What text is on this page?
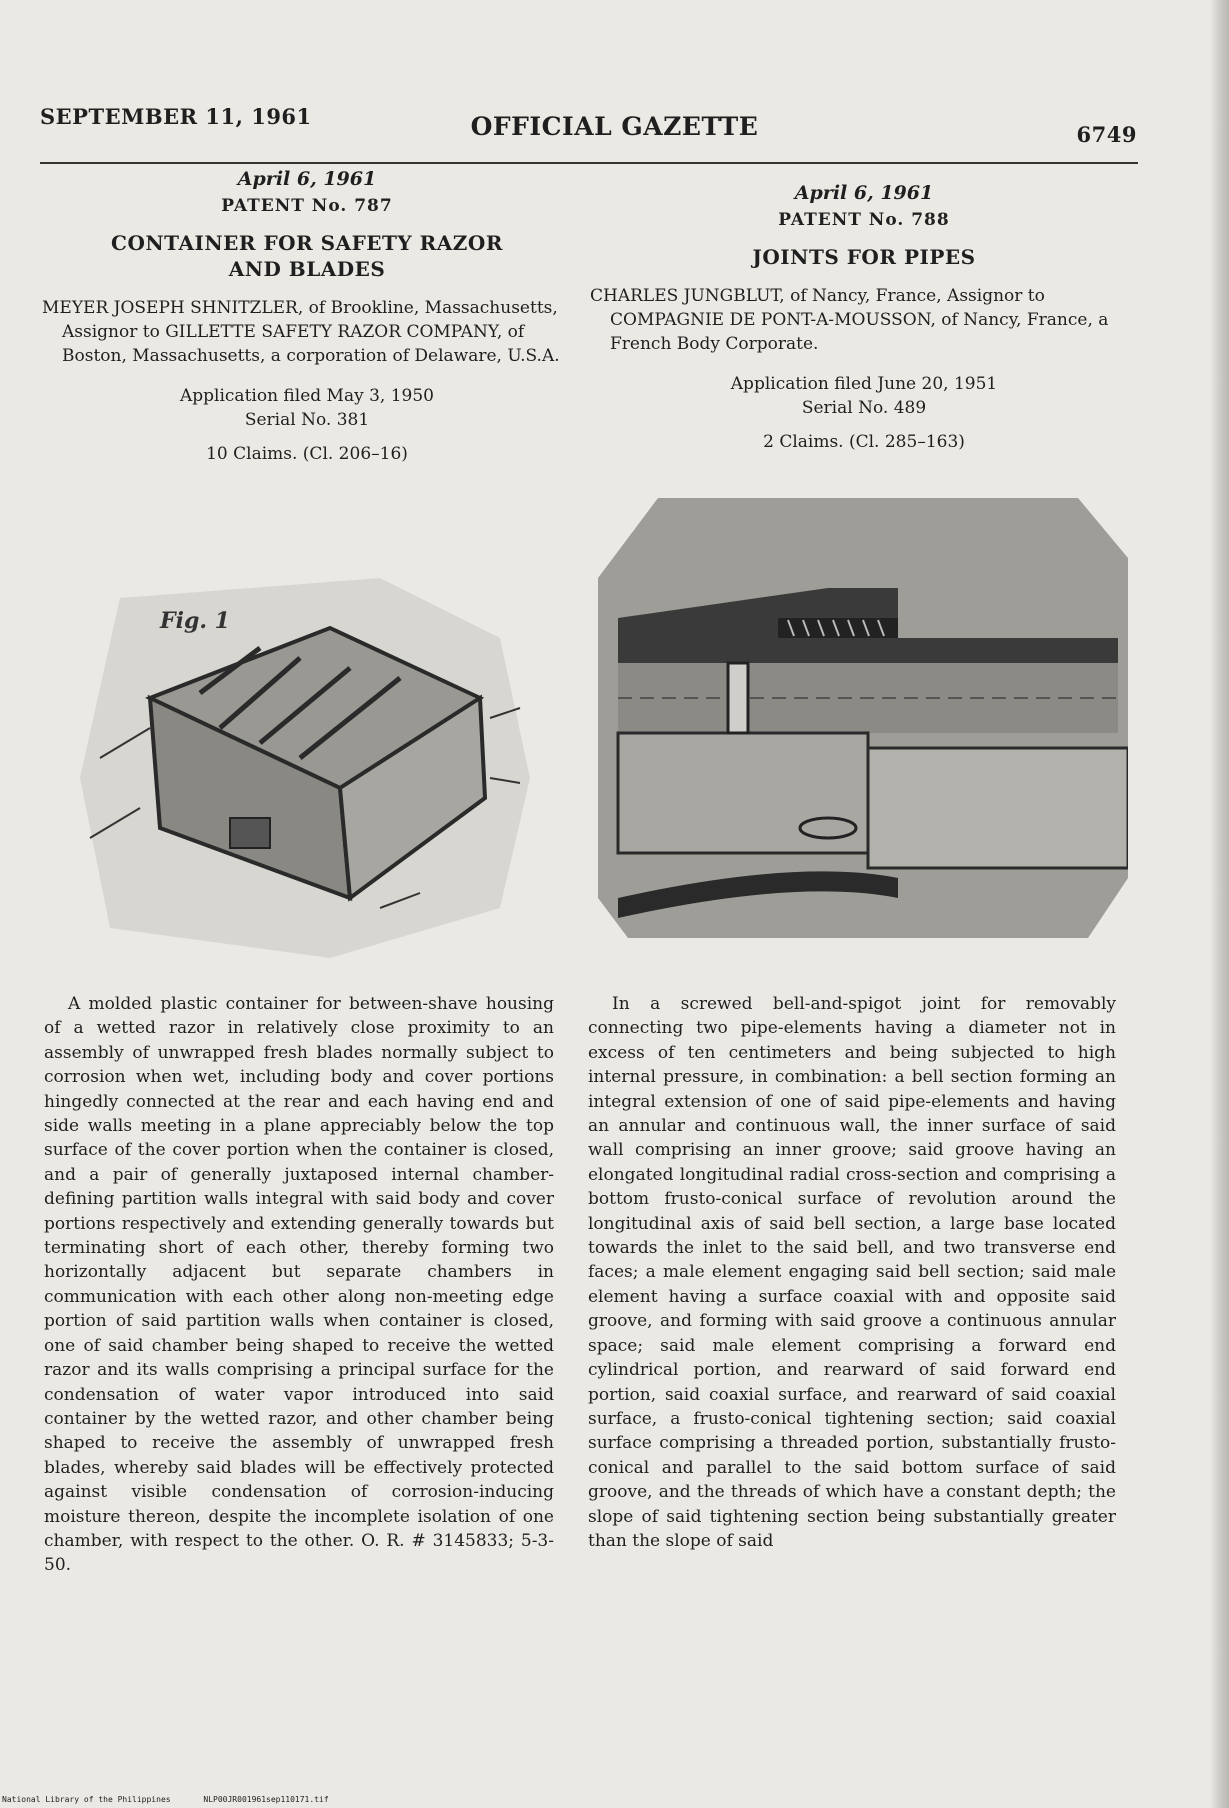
SEPTEMBER 11, 1961	OFFICIAL GAZETTE	6749

April 6, 1961

PATENT No. 787

CONTAINER FOR SAFETY RAZOR
AND BLADES

MEYER JOSEPH SHNITZLER, of Brookline, Massachusetts, Assignor to GILLETTE SAFETY RAZOR COMPANY, of Boston, Massachusetts, a corporation of Delaware, U.S.A.

Application filed May 3, 1950
Serial No. 381

10 Claims. (Cl. 206–16)

Fig. 1

A molded plastic container for between-shave housing of a wetted razor in relatively close proximity to an assembly of unwrapped fresh blades normally subject to corrosion when wet, including body and cover portions hingedly connected at the rear and each having end and side walls meeting in a plane appreciably below the top surface of the cover portion when the container is closed, and a pair of generally juxtaposed internal chamber-defining partition walls integral with said body and cover portions respectively and extending generally towards but terminating short of each other, thereby forming two horizontally adjacent but separate chambers in communication with each other along non-meeting edge portion of said partition walls when container is closed, one of said chamber being shaped to receive the wetted razor and its walls comprising a principal surface for the condensation of water vapor introduced into said container by the wetted razor, and other chamber being shaped to receive the assembly of unwrapped fresh blades, whereby said blades will be effectively protected against visible condensation of corrosion-inducing moisture thereon, despite the incomplete isolation of one chamber, with respect to the other. O. R. # 3145833; 5-3-50.

April 6, 1961

PATENT No. 788

JOINTS FOR PIPES

CHARLES JUNGBLUT, of Nancy, France, Assignor to COMPAGNIE DE PONT-A-MOUSSON, of Nancy, France, a French Body Corporate.

Application filed June 20, 1951
Serial No. 489

2 Claims. (Cl. 285–163)

In a screwed bell-and-spigot joint for removably connecting two pipe-elements having a diameter not in excess of ten centimeters and being subjected to high internal pressure, in combination: a bell section forming an integral extension of one of said pipe-elements and having an annular and continuous wall, the inner surface of said wall comprising an inner groove; said groove having an elongated longitudinal radial cross-section and comprising a bottom frusto-conical surface of revolution around the longitudinal axis of said bell section, a large base located towards the inlet to the said bell, and two transverse end faces; a male element engaging said bell section; said male element having a surface coaxial with and opposite said groove, and forming with said groove a continuous annular space; said male element comprising a forward end cylindrical portion, and rearward of said forward end portion, said coaxial surface, and rearward of said coaxial surface, a frusto-conical tightening section; said coaxial surface comprising a threaded portion, substantially frusto-conical and parallel to the said bottom surface of said groove, and the threads of which have a constant depth; the slope of said tightening section being substantially greater than the slope of said

National Library of the Philippines	NLP00JR001961sep110171.tif
